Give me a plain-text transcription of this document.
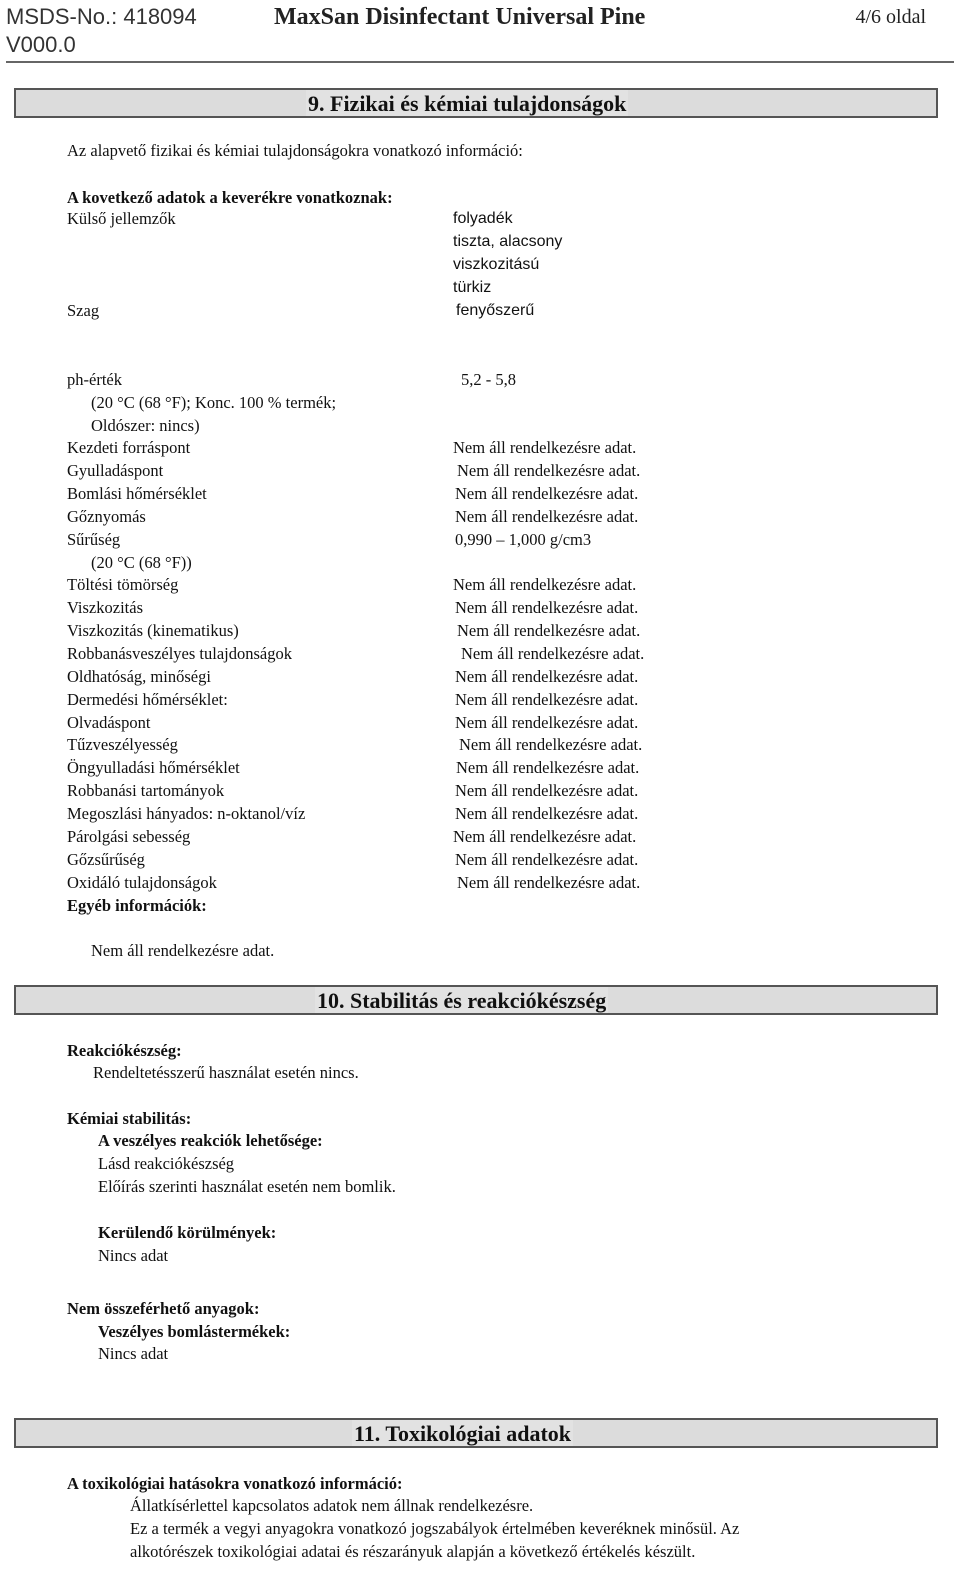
MSDS-No.: 418094
V000.0
MaxSan Disinfectant Universal Pine	4/6 oldal
9. Fizikai és kémiai tulajdonságok
Az alapvető fizikai és kémiai tulajdonságokra vonatkozó információ:
A kovetkező adatok a keverékre vonatkoznak:
Külső jellemzők	folyadék
tiszta, alacsony
viszkozitású
türkiz
Szag	fenyőszerű
ph-érték	5,2 - 5,8
(20 °C (68 °F); Konc. 100 % termék;
Oldószer: nincs)
Kezdeti forráspont	Nem áll rendelkezésre adat.
Gyulladáspont	Nem áll rendelkezésre adat.
Bomlási hőmérséklet	Nem áll rendelkezésre adat.
Gőznyomás	Nem áll rendelkezésre adat.
Sűrűség	0,990 – 1,000 g/cm3
(20 °C (68 °F))
Töltési tömörség	Nem áll rendelkezésre adat.
Viszkozitás	Nem áll rendelkezésre adat.
Viszkozitás (kinematikus)	Nem áll rendelkezésre adat.
Robbanásveszélyes tulajdonságok	Nem áll rendelkezésre adat.
Oldhatóság, minőségi	Nem áll rendelkezésre adat.
Dermedési hőmérséklet:	Nem áll rendelkezésre adat.
Olvadáspont	Nem áll rendelkezésre adat.
Tűzveszélyesség	Nem áll rendelkezésre adat.
Öngyulladási hőmérséklet	Nem áll rendelkezésre adat.
Robbanási tartományok	Nem áll rendelkezésre adat.
Megoszlási hányados: n-oktanol/víz	Nem áll rendelkezésre adat.
Párolgási sebesség	Nem áll rendelkezésre adat.
Gőzsűrűség	Nem áll rendelkezésre adat.
Oxidáló tulajdonságok	Nem áll rendelkezésre adat.
Egyéb információk:
Nem áll rendelkezésre adat.
10. Stabilitás és reakciókészség
Reakciókészség:
Rendeltetésszerű használat esetén nincs.
Kémiai stabilitás:
A veszélyes reakciók lehetősége:
Lásd reakciókészség
Előírás szerinti használat esetén nem bomlik.
Kerülendő körülmények:
Nincs adat
Nem összeférhető anyagok:
Veszélyes bomlástermékek:
Nincs adat
11. Toxikológiai adatok
A toxikológiai hatásokra vonatkozó információ:
Állatkísérlettel kapcsolatos adatok nem állnak rendelkezésre.
Ez a termék a vegyi anyagokra vonatkozó jogszabályok értelmében keveréknek minősül. Az
alkotórészek toxikológiai adatai és részarányuk alapján a következő értékelés készült.
